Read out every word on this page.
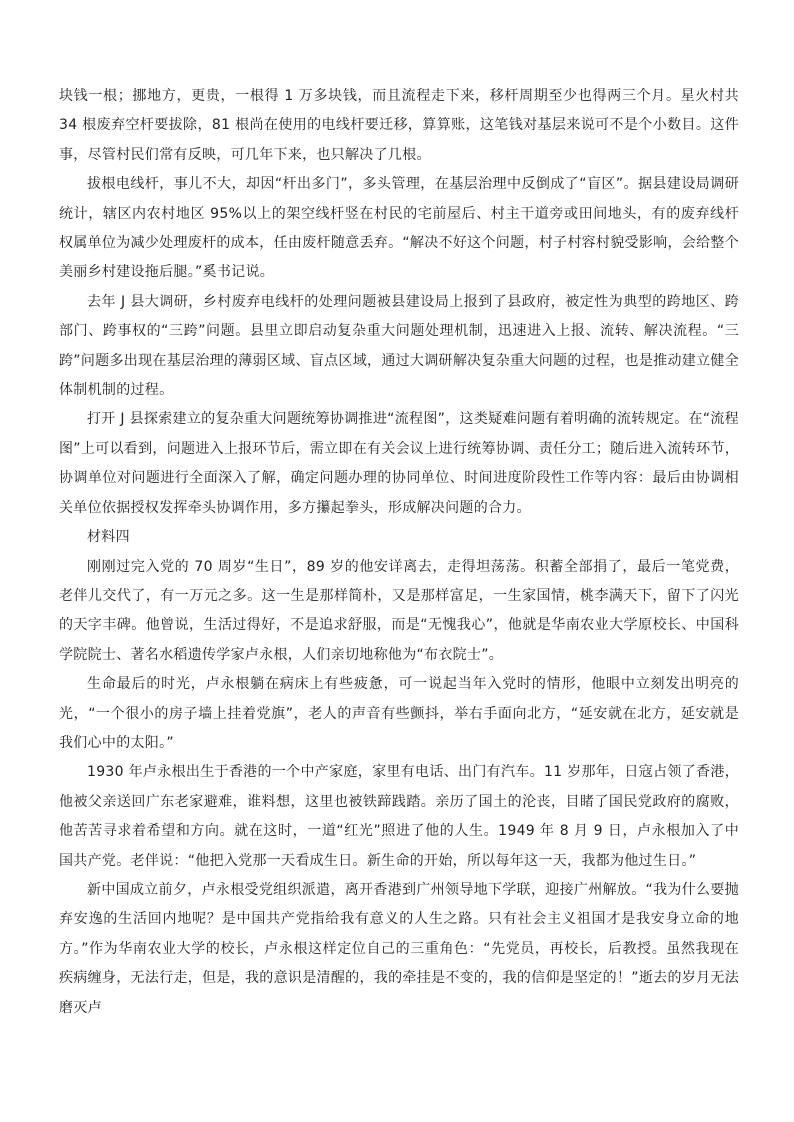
块钱一根；挪地方，更贵，一根得 1 万多块钱，而且流程走下来，移杆周期至少也得两三个月。星火村共 34 根废弃空杆要拔除，81 根尚在使用的电线杆要迁移，算算账，这笔钱对基层来说可不是个小数目。这件事，尽管村民们常有反映，可几年下来，也只解决了几根。

拔根电线杆，事儿不大，却因“杆出多门”，多头管理，在基层治理中反倒成了“盲区”。据县建设局调研统计，辖区内农村地区 95%以上的架空线杆竖在村民的宅前屋后、村主干道旁或田间地头，有的废弃线杆权属单位为减少处理废杆的成本，任由废杆随意丢弃。“解决不好这个问题，村子村容村貌受影响，会给整个美丽乡村建设拖后腿。”奚书记说。

去年 J 县大调研，乡村废弃电线杆的处理问题被县建设局上报到了县政府，被定性为典型的跨地区、跨部门、跨事权的“三跨”问题。县里立即启动复杂重大问题处理机制，迅速进入上报、流转、解决流程。“三跨”问题多出现在基层治理的薄弱区域、盲点区域，通过大调研解决复杂重大问题的过程，也是推动建立健全体制机制的过程。

打开 J 县探索建立的复杂重大问题统筹协调推进“流程图”，这类疑难问题有着明确的流转规定。在“流程图”上可以看到，问题进入上报环节后，需立即在有关会议上进行统筹协调、责任分工；随后进入流转环节，协调单位对问题进行全面深入了解，确定问题办理的协同单位、时间进度阶段性工作等内容：最后由协调相关单位依据授权发挥牵头协调作用，多方攥起拳头，形成解决问题的合力。

材料四

刚刚过完入党的 70 周岁“生日”，89 岁的他安详离去，走得坦荡荡。积蓄全部捐了，最后一笔党费，老伴儿交代了，有一万元之多。这一生是那样简朴，又是那样富足，一生家国情，桃李满天下，留下了闪光的天字丰碑。他曾说，生活过得好，不是追求舒服，而是“无愧我心”，他就是华南农业大学原校长、中国科学院院士、著名水稻遗传学家卢永根，人们亲切地称他为“布衣院士”。

生命最后的时光，卢永根躺在病床上有些疲惫，可一说起当年入党时的情形，他眼中立刻发出明亮的光，“一个很小的房子墙上挂着党旗”，老人的声音有些颤抖，举右手面向北方，“延安就在北方，延安就是我们心中的太阳。”

1930 年卢永根出生于香港的一个中产家庭，家里有电话、出门有汽车。11 岁那年，日寇占领了香港，他被父亲送回广东老家避难，谁料想，这里也被铁蹄践踏。亲历了国土的沦丧，目睹了国民党政府的腐败，他苦苦寻求着希望和方向。就在这时，一道“红光”照进了他的人生。1949 年 8 月 9 日，卢永根加入了中国共产党。老伴说：“他把入党那一天看成生日。新生命的开始，所以每年这一天，我都为他过生日。”

新中国成立前夕，卢永根受党组织派遣，离开香港到广州领导地下学联，迎接广州解放。“我为什么要抛弃安逸的生活回内地呢？是中国共产党指给我有意义的人生之路。只有社会主义祖国才是我安身立命的地方。”作为华南农业大学的校长，卢永根这样定位自己的三重角色：“先党员，再校长，后教授。虽然我现在疾病缠身，无法行走，但是，我的意识是清醒的，我的牵挂是不变的，我的信仰是坚定的！”逝去的岁月无法磨灭卢
